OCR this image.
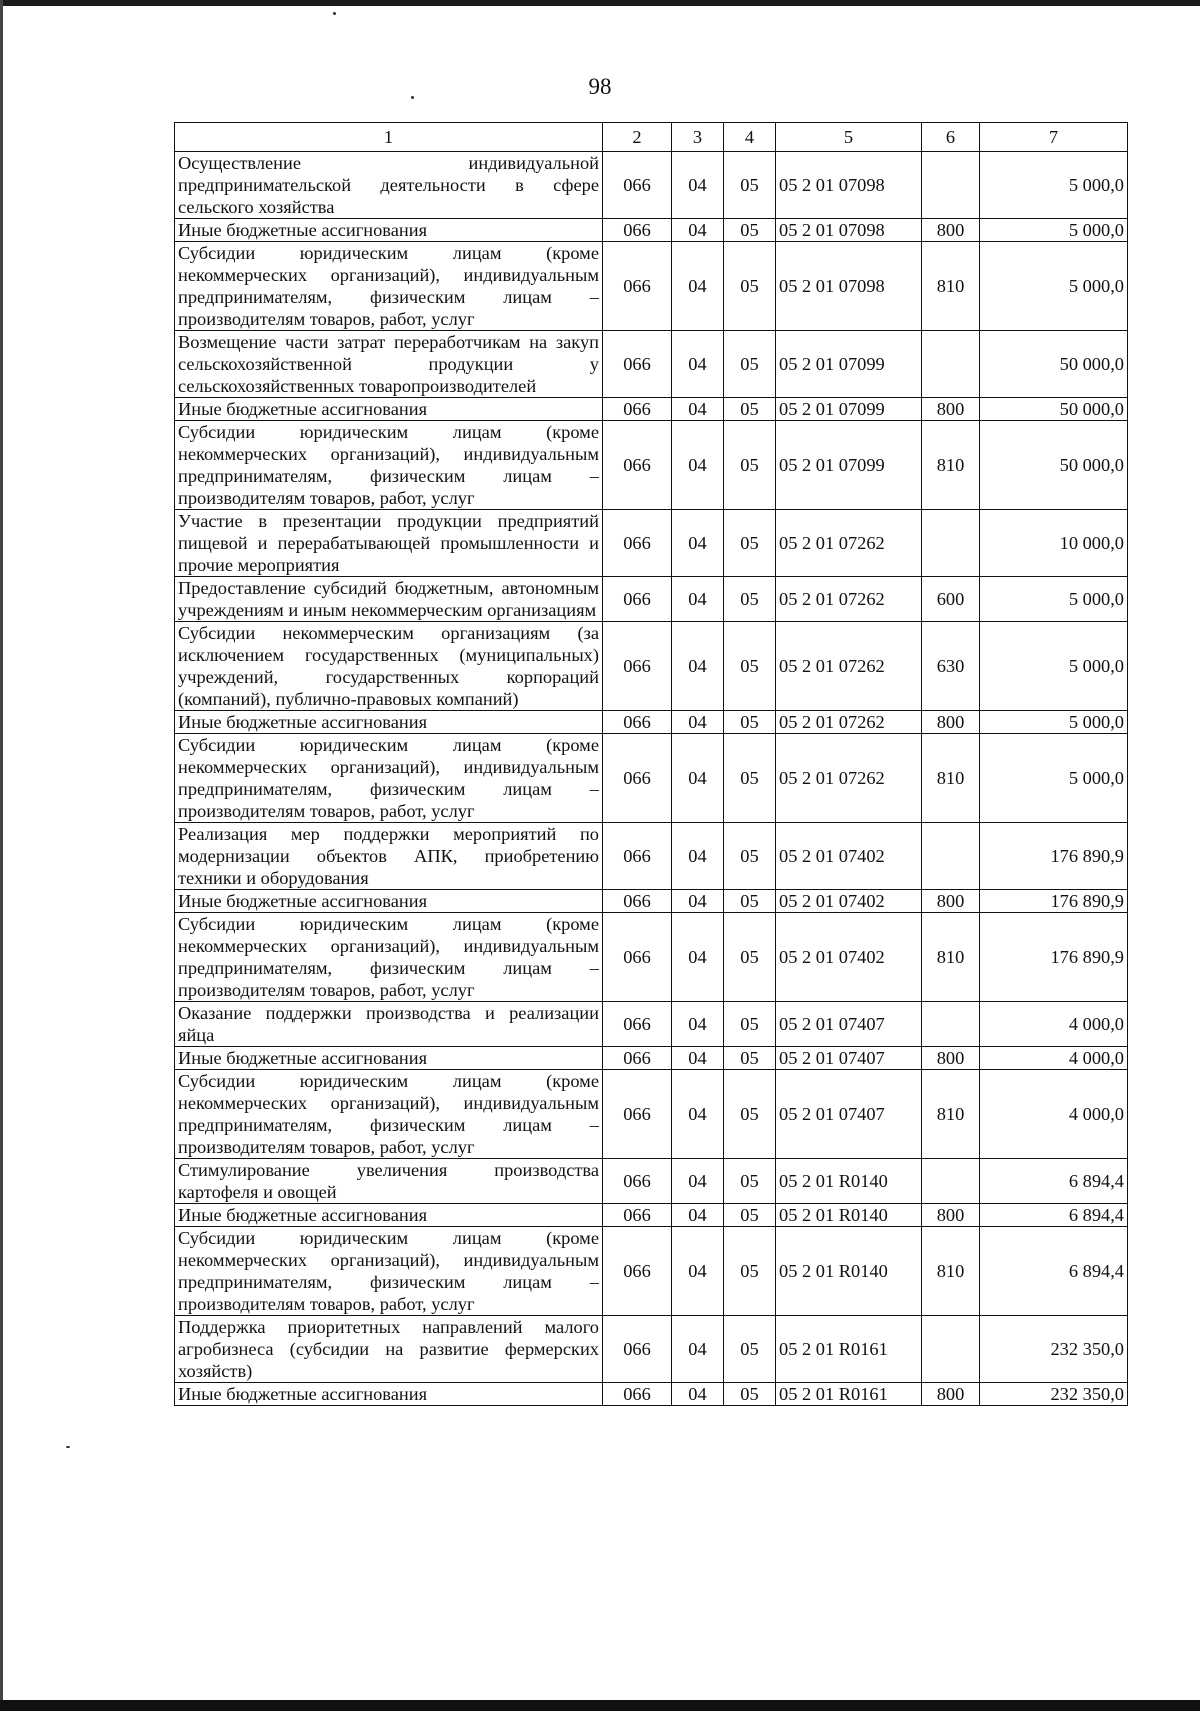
98
1	2	3	4	5	6	7
Осуществление индивидуальной предпринимательской деятельности в сфере сельского хозяйства	066	04	05	05 2 01 07098		5 000,0
Иные бюджетные ассигнования	066	04	05	05 2 01 07098	800	5 000,0
Субсидии юридическим лицам (кроме некоммерческих организаций), индивидуальным предпринимателям, физическим лицам – производителям товаров, работ, услуг	066	04	05	05 2 01 07098	810	5 000,0
Возмещение части затрат переработчикам на закуп сельскохозяйственной продукции у сельскохозяйственных товаропроизводителей	066	04	05	05 2 01 07099		50 000,0
Иные бюджетные ассигнования	066	04	05	05 2 01 07099	800	50 000,0
Субсидии юридическим лицам (кроме некоммерческих организаций), индивидуальным предпринимателям, физическим лицам – производителям товаров, работ, услуг	066	04	05	05 2 01 07099	810	50 000,0
Участие в презентации продукции предприятий пищевой и перерабатывающей промышленности и прочие мероприятия	066	04	05	05 2 01 07262		10 000,0
Предоставление субсидий бюджетным, автономным учреждениям и иным некоммерческим организациям	066	04	05	05 2 01 07262	600	5 000,0
Субсидии некоммерческим организациям (за исключением государственных (муниципальных) учреждений, государственных корпораций (компаний), публично-правовых компаний)	066	04	05	05 2 01 07262	630	5 000,0
Иные бюджетные ассигнования	066	04	05	05 2 01 07262	800	5 000,0
Субсидии юридическим лицам (кроме некоммерческих организаций), индивидуальным предпринимателям, физическим лицам – производителям товаров, работ, услуг	066	04	05	05 2 01 07262	810	5 000,0
Реализация мер поддержки мероприятий по модернизации объектов АПК, приобретению техники и оборудования	066	04	05	05 2 01 07402		176 890,9
Иные бюджетные ассигнования	066	04	05	05 2 01 07402	800	176 890,9
Субсидии юридическим лицам (кроме некоммерческих организаций), индивидуальным предпринимателям, физическим лицам – производителям товаров, работ, услуг	066	04	05	05 2 01 07402	810	176 890,9
Оказание поддержки производства и реализации яйца	066	04	05	05 2 01 07407		4 000,0
Иные бюджетные ассигнования	066	04	05	05 2 01 07407	800	4 000,0
Субсидии юридическим лицам (кроме некоммерческих организаций), индивидуальным предпринимателям, физическим лицам – производителям товаров, работ, услуг	066	04	05	05 2 01 07407	810	4 000,0
Стимулирование увеличения производства картофеля и овощей	066	04	05	05 2 01 R0140		6 894,4
Иные бюджетные ассигнования	066	04	05	05 2 01 R0140	800	6 894,4
Субсидии юридическим лицам (кроме некоммерческих организаций), индивидуальным предпринимателям, физическим лицам – производителям товаров, работ, услуг	066	04	05	05 2 01 R0140	810	6 894,4
Поддержка приоритетных направлений малого агробизнеса (субсидии на развитие фермерских хозяйств)	066	04	05	05 2 01 R0161		232 350,0
Иные бюджетные ассигнования	066	04	05	05 2 01 R0161	800	232 350,0
